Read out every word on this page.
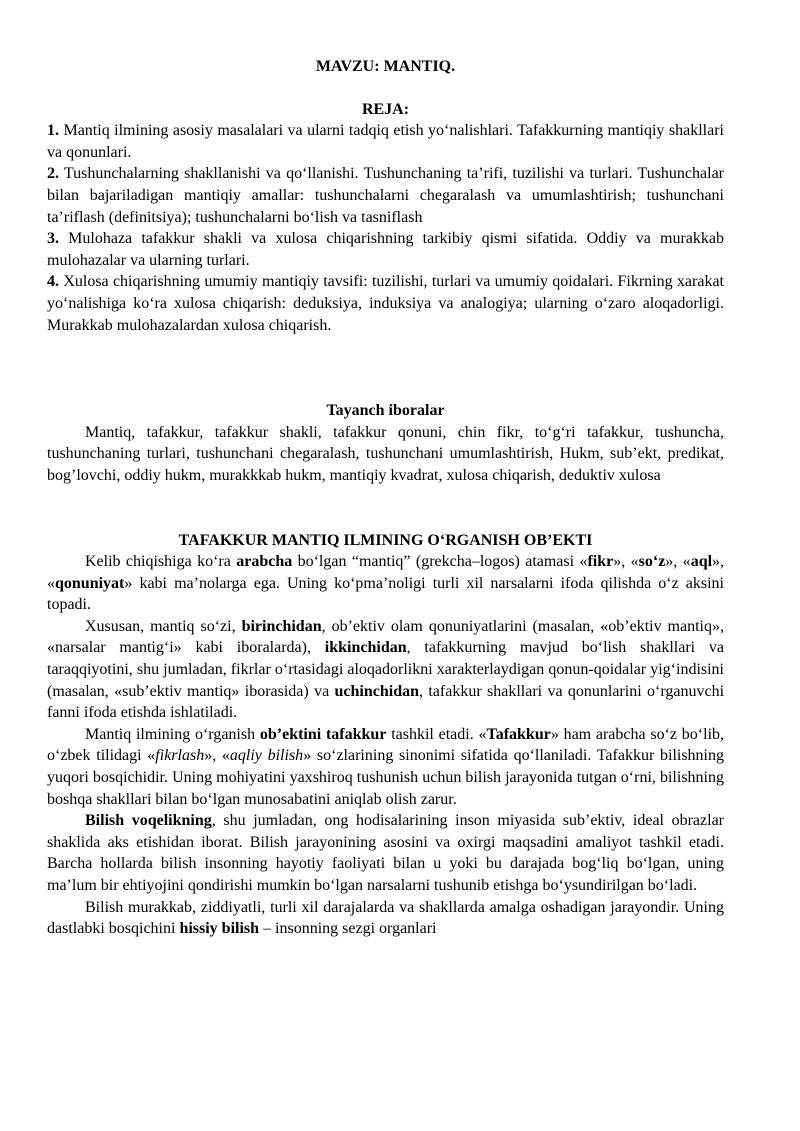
MAVZU: MANTIQ.
REJA:
1. Mantiq ilmining asosiy masalalari va ularni tadqiq etish yo‘nalishlari. Tafakkurning mantiqiy shakllari va qonunlari.
2. Tushunchalarning shakllanishi va qo‘llanishi. Tushunchaning ta’rifi, tuzilishi va turlari. Tushunchalar bilan bajariladigan mantiqiy amallar: tushunchalarni chegaralash va umumlashtirish; tushunchani ta’riflash (definitsiya); tushunchalarni bo‘lish va tasniflash
3. Mulohaza tafakkur shakli va xulosa chiqarishning tarkibiy qismi sifatida. Oddiy va murakkab mulohazalar va ularning turlari.
4. Xulosa chiqarishning umumiy mantiqiy tavsifi: tuzilishi, turlari va umumiy qoidalari. Fikrning xarakat yo‘nalishiga ko‘ra xulosa chiqarish: deduksiya, induksiya va analogiya; ularning o‘zaro aloqadorligi. Murakkab mulohazalardan xulosa chiqarish.
Tayanch iboralar

Mantiq, tafakkur, tafakkur shakli, tafakkur qonuni, chin fikr, to‘g‘ri tafakkur, tushuncha, tushunchaning turlari, tushunchani chegaralash, tushunchani umumlashtirish, Hukm, sub’ekt, predikat, bog’lovchi, oddiy hukm, murakkkab hukm, mantiqiy kvadrat, xulosa chiqarish, deduktiv xulosa

TAFAKKUR MANTIQ ILMINING O‘RGANISH OB’EKTI

Kelib chiqishiga ko‘ra arabcha bo‘lgan “mantiq” (grekcha–logos) atamasi «fikr», «so‘z», «aql», «qonuniyat» kabi ma’nolarga ega. Uning ko‘pma’noligi turli xil narsalarni ifoda qilishda o‘z aksini topadi.

Xususan, mantiq so‘zi, birinchidan, ob’ektiv olam qonuniyatlarini (masalan, «ob’ektiv mantiq», «narsalar mantig‘i» kabi iboralarda), ikkinchidan, tafakkurning mavjud bo‘lish shakllari va taraqqiyotini, shu jumladan, fikrlar o‘rtasidagi aloqadorlikni xarakterlaydigan qonun-qoidalar yig‘indisini (masalan, «sub’ektiv mantiq» iborasida) va uchinchidan, tafakkur shakllari va qonunlarini o‘rganuvchi fanni ifoda etishda ishlatiladi.

Mantiq ilmining o‘rganish ob’ektini tafakkur tashkil etadi. «Tafakkur» ham arabcha so‘z bo‘lib, o‘zbek tilidagi «fikrlash», «aqliy bilish» so‘zlarining sinonimi sifatida qo‘llaniladi. Tafakkur bilishning yuqori bosqichidir. Uning mohiyatini yaxshiroq tushunish uchun bilish jarayonida tutgan o‘rni, bilishning boshqa shakllari bilan bo‘lgan munosabatini aniqlab olish zarur.

Bilish voqelikning, shu jumladan, ong hodisalarining inson miyasida sub’ektiv, ideal obrazlar shaklida aks etishidan iborat. Bilish jarayonining asosini va oxirgi maqsadini amaliyot tashkil etadi. Barcha hollarda bilish insonning hayotiy faoliyati bilan u yoki bu darajada bog‘liq bo‘lgan, uning ma’lum bir ehtiyojini qondirishi mumkin bo‘lgan narsalarni tushunib etishga bo‘ysundirilgan bo‘ladi.

Bilish murakkab, ziddiyatli, turli xil darajalarda va shakllarda amalga oshadigan jarayondir. Uning dastlabki bosqichini hissiy bilish – insonning sezgi organlari
